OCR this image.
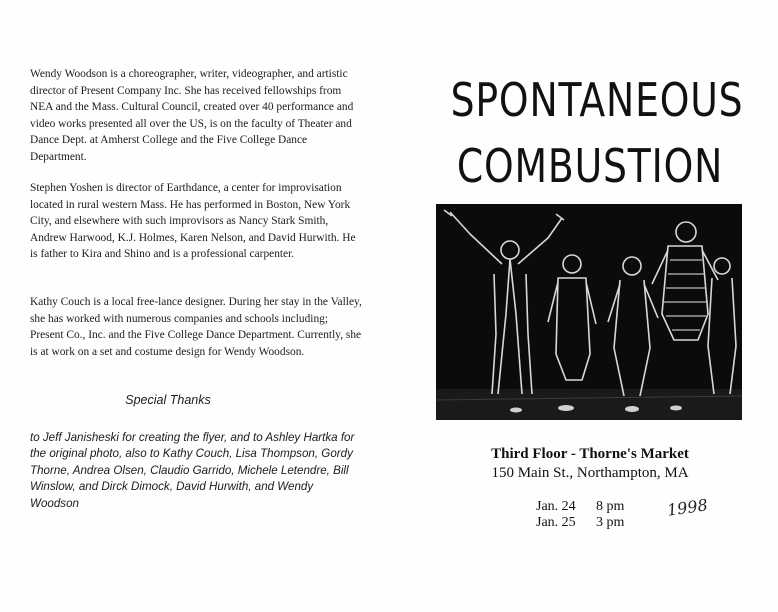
Wendy Woodson is a choreographer, writer, videographer, and artistic director of Present Company Inc. She has received fellowships from NEA and the Mass. Cultural Council, created over 40 performance and video works presented all over the US, is on the faculty of Theater and Dance Dept. at Amherst College and the Five College Dance Department.

Stephen Yoshen is director of Earthdance, a center for improvisation located in rural western Mass. He has performed in Boston, New York City, and elsewhere with such improvisors as Nancy Stark Smith, Andrew Harwood, K.J. Holmes, Karen Nelson, and David Hurwith. He is father to Kira and Shino and is a professional carpenter.

Kathy Couch is a local free-lance designer. During her stay in the Valley, she has worked with numerous companies and schools including; Present Co., Inc. and the Five College Dance Department. Currently, she is at work on a set and costume design for Wendy Woodson.

Special Thanks

to Jeff Janisheski for creating the flyer, and to Ashley Hartka for the original photo, also to Kathy Couch, Lisa Thompson, Gordy Thorne, Andrea Olsen, Claudio Garrido, Michele Letendre, Bill Winslow, and Dirck Dimock, David Hurwith, and Wendy Woodson

SPONTANEOUS
COMBUSTION

Third Floor - Thorne's Market

150 Main St., Northampton, MA

Jan. 24 8 pm

Jan. 25 3 pm

1998
